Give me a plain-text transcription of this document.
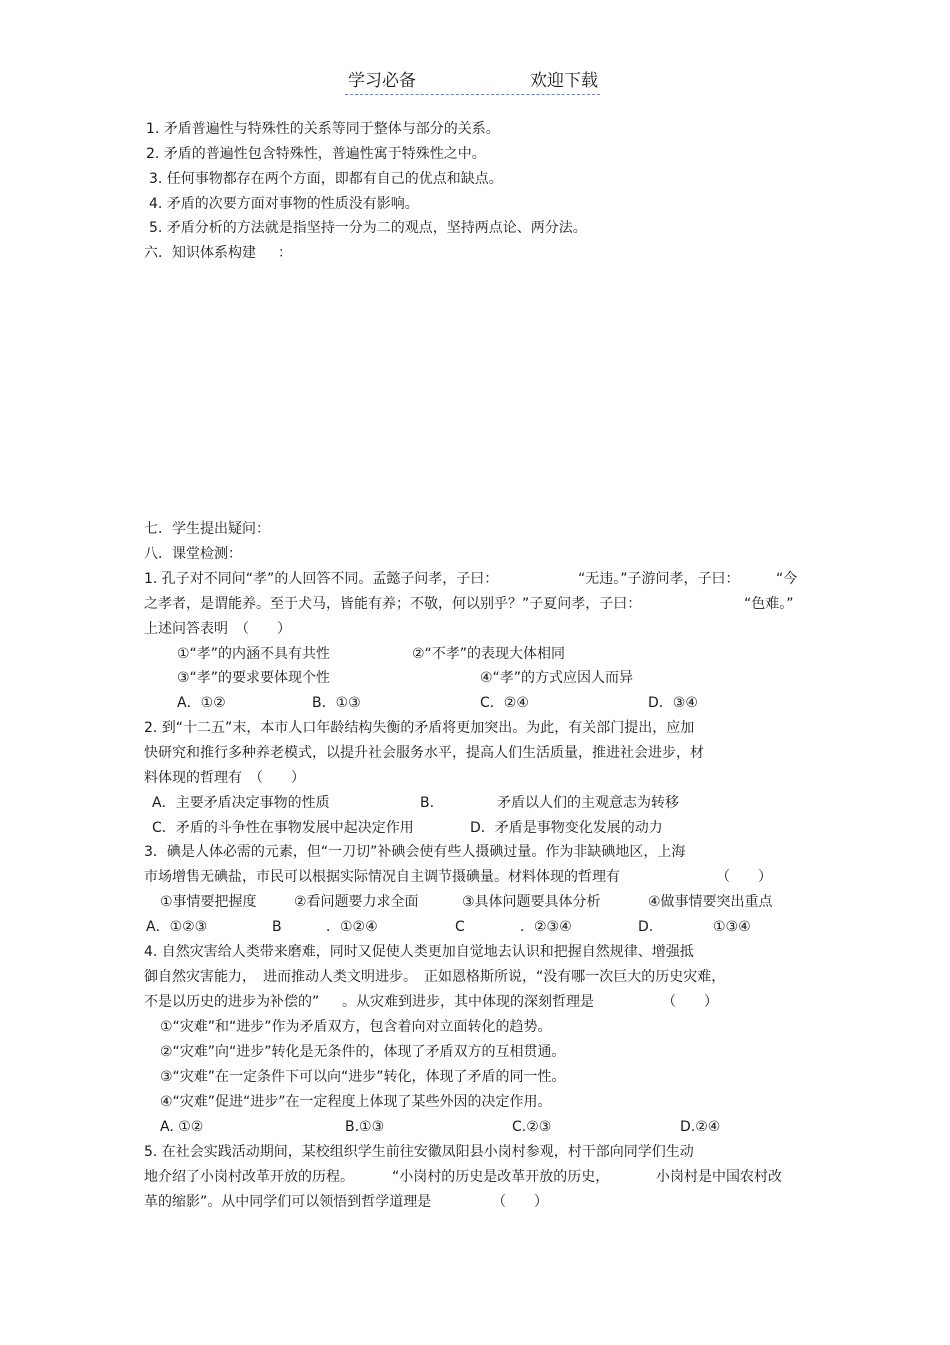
学习必备	欢迎下载
1. 矛盾普遍性与特殊性的关系等同于整体与部分的关系。
2. 矛盾的普遍性包含特殊性，普遍性寓于特殊性之中。
3. 任何事物都存在两个方面，即都有自己的优点和缺点。
4. 矛盾的次要方面对事物的性质没有影响。
5. 矛盾分析的方法就是指坚持一分为二的观点，坚持两点论、两分法。
六．知识体系构建 ：
七．学生提出疑问：
八．课堂检测：
1. 孔子对不同问“孝”的人回答不同。孟懿子问孝，子曰：	“无违。”子游问孝，子曰：	“今
之孝者，是谓能养。至于犬马，皆能有养；不敬，何以别乎？”子夏问孝，子曰：	“色难。”
上述问答表明　（　　）
①“孝”的内涵不具有共性	②“不孝”的表现大体相同
③“孝”的要求要体现个性	④“孝”的方式应因人而异
A．①②	B．①③	C．②④	D．③④
2. 到“十二五”末，本市人口年龄结构失衡的矛盾将更加突出。为此，有关部门提出，应加
快研究和推行多种养老模式，以提升社会服务水平，提高人们生活质量，推进社会进步，材
料体现的哲理有　（　　）
A．主要矛盾决定事物的性质	B.	矛盾以人们的主观意志为转移
C．矛盾的斗争性在事物发展中起决定作用	D．矛盾是事物变化发展的动力
3．碘是人体必需的元素，但“一刀切”补碘会使有些人摄碘过量。作为非缺碘地区，上海
市场增售无碘盐，市民可以根据实际情况自主调节摄碘量。材料体现的哲理有	（　　）
①事情要把握度	②看问题要力求全面	③具体问题要具体分析	④做事情要突出重点
A．①②③	B	．①②④	C	．②③④	D.	①③④
4. 自然灾害给人类带来磨难，同时又促使人类更加自觉地去认识和把握自然规律、增强抵
御自然灾害能力，　进而推动人类文明进步。　正如恩格斯所说，“没有哪一次巨大的历史灾难，
不是以历史的进步为补偿的” 。从灾难到进步，其中体现的深刻哲理是	（　　）
①“灾难”和“进步”作为矛盾双方，包含着向对立面转化的趋势。
②“灾难”向“进步”转化是无条件的，体现了矛盾双方的互相贯通。
③“灾难”在一定条件下可以向“进步”转化，体现了矛盾的同一性。
④“灾难”促进“进步”在一定程度上体现了某些外因的决定作用。
A. ①②	B.①③	C.②③	D.②④
5. 在社会实践活动期间，某校组织学生前往安徽凤阳县小岗村参观，村干部向同学们生动
地介绍了小岗村改革开放的历程。	“小岗村的历史是改革开放的历史，	小岗村是中国农村改
革的缩影”。从中同学们可以领悟到哲学道理是	（　　）
